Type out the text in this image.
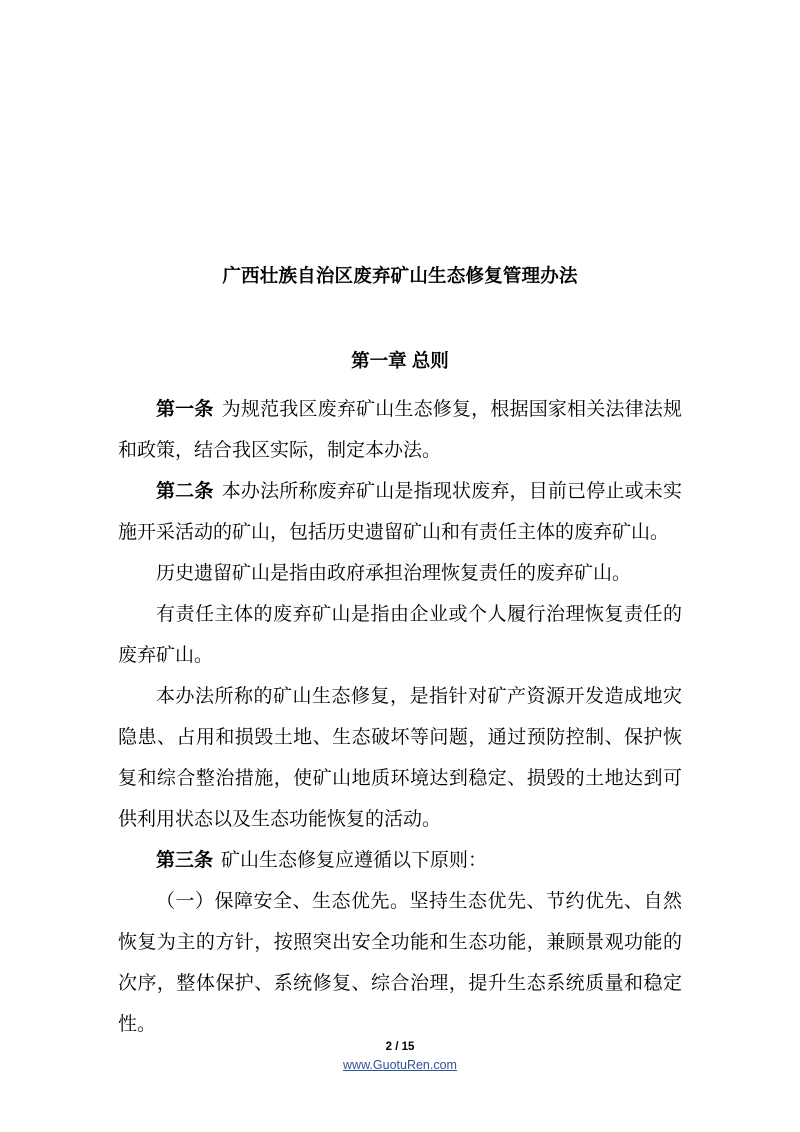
广西壮族自治区废弃矿山生态修复管理办法
第一章 总则

第一条 为规范我区废弃矿山生态修复，根据国家相关法律法规和政策，结合我区实际，制定本办法。

第二条 本办法所称废弃矿山是指现状废弃，目前已停止或未实施开采活动的矿山，包括历史遗留矿山和有责任主体的废弃矿山。

历史遗留矿山是指由政府承担治理恢复责任的废弃矿山。

有责任主体的废弃矿山是指由企业或个人履行治理恢复责任的废弃矿山。

本办法所称的矿山生态修复，是指针对矿产资源开发造成地灾隐患、占用和损毁土地、生态破坏等问题，通过预防控制、保护恢复和综合整治措施，使矿山地质环境达到稳定、损毁的土地达到可供利用状态以及生态功能恢复的活动。

第三条 矿山生态修复应遵循以下原则：

（一）保障安全、生态优先。坚持生态优先、节约优先、自然恢复为主的方针，按照突出安全功能和生态功能，兼顾景观功能的次序，整体保护、系统修复、综合治理，提升生态系统质量和稳定性。

2 / 15
www.GuotuRen.com
